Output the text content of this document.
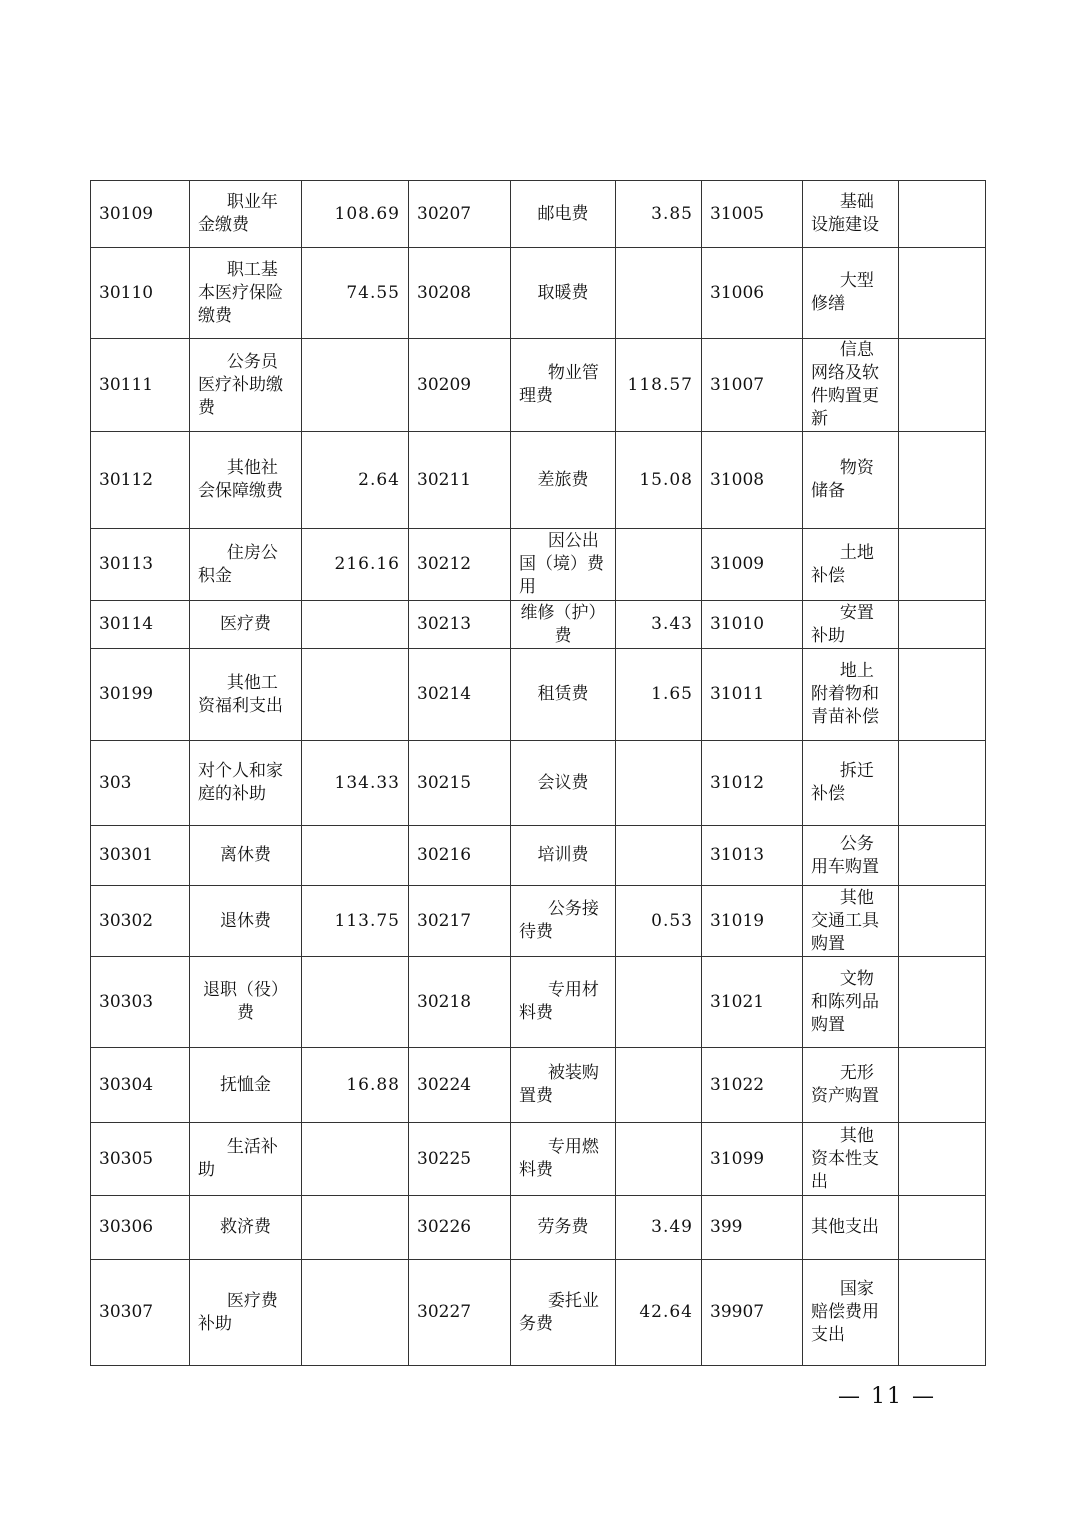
30109	职业年金缴费	108.69	30207	邮电费	3.85	31005	基础设施建设	
30110	职工基本医疗保险缴费	74.55	30208	取暖费		31006	大型修缮	
30111	公务员医疗补助缴费		30209	物业管理费	118.57	31007	信息网络及软件购置更新	
30112	其他社会保障缴费	2.64	30211	差旅费	15.08	31008	物资储备	
30113	住房公积金	216.16	30212	因公出国（境）费用		31009	土地补偿	
30114	医疗费		30213	维修（护）费	3.43	31010	安置补助	
30199	其他工资福利支出		30214	租赁费	1.65	31011	地上附着物和青苗补偿	
303	对个人和家庭的补助	134.33	30215	会议费		31012	拆迁补偿	
30301	离休费		30216	培训费		31013	公务用车购置	
30302	退休费	113.75	30217	公务接待费	0.53	31019	其他交通工具购置	
30303	退职（役）费		30218	专用材料费		31021	文物和陈列品购置	
30304	抚恤金	16.88	30224	被装购置费		31022	无形资产购置	
30305	生活补助		30225	专用燃料费		31099	其他资本性支出	
30306	救济费		30226	劳务费	3.49	399	其他支出	
30307	医疗费补助		30227	委托业务费	42.64	39907	国家赔偿费用支出	
— 11 —
